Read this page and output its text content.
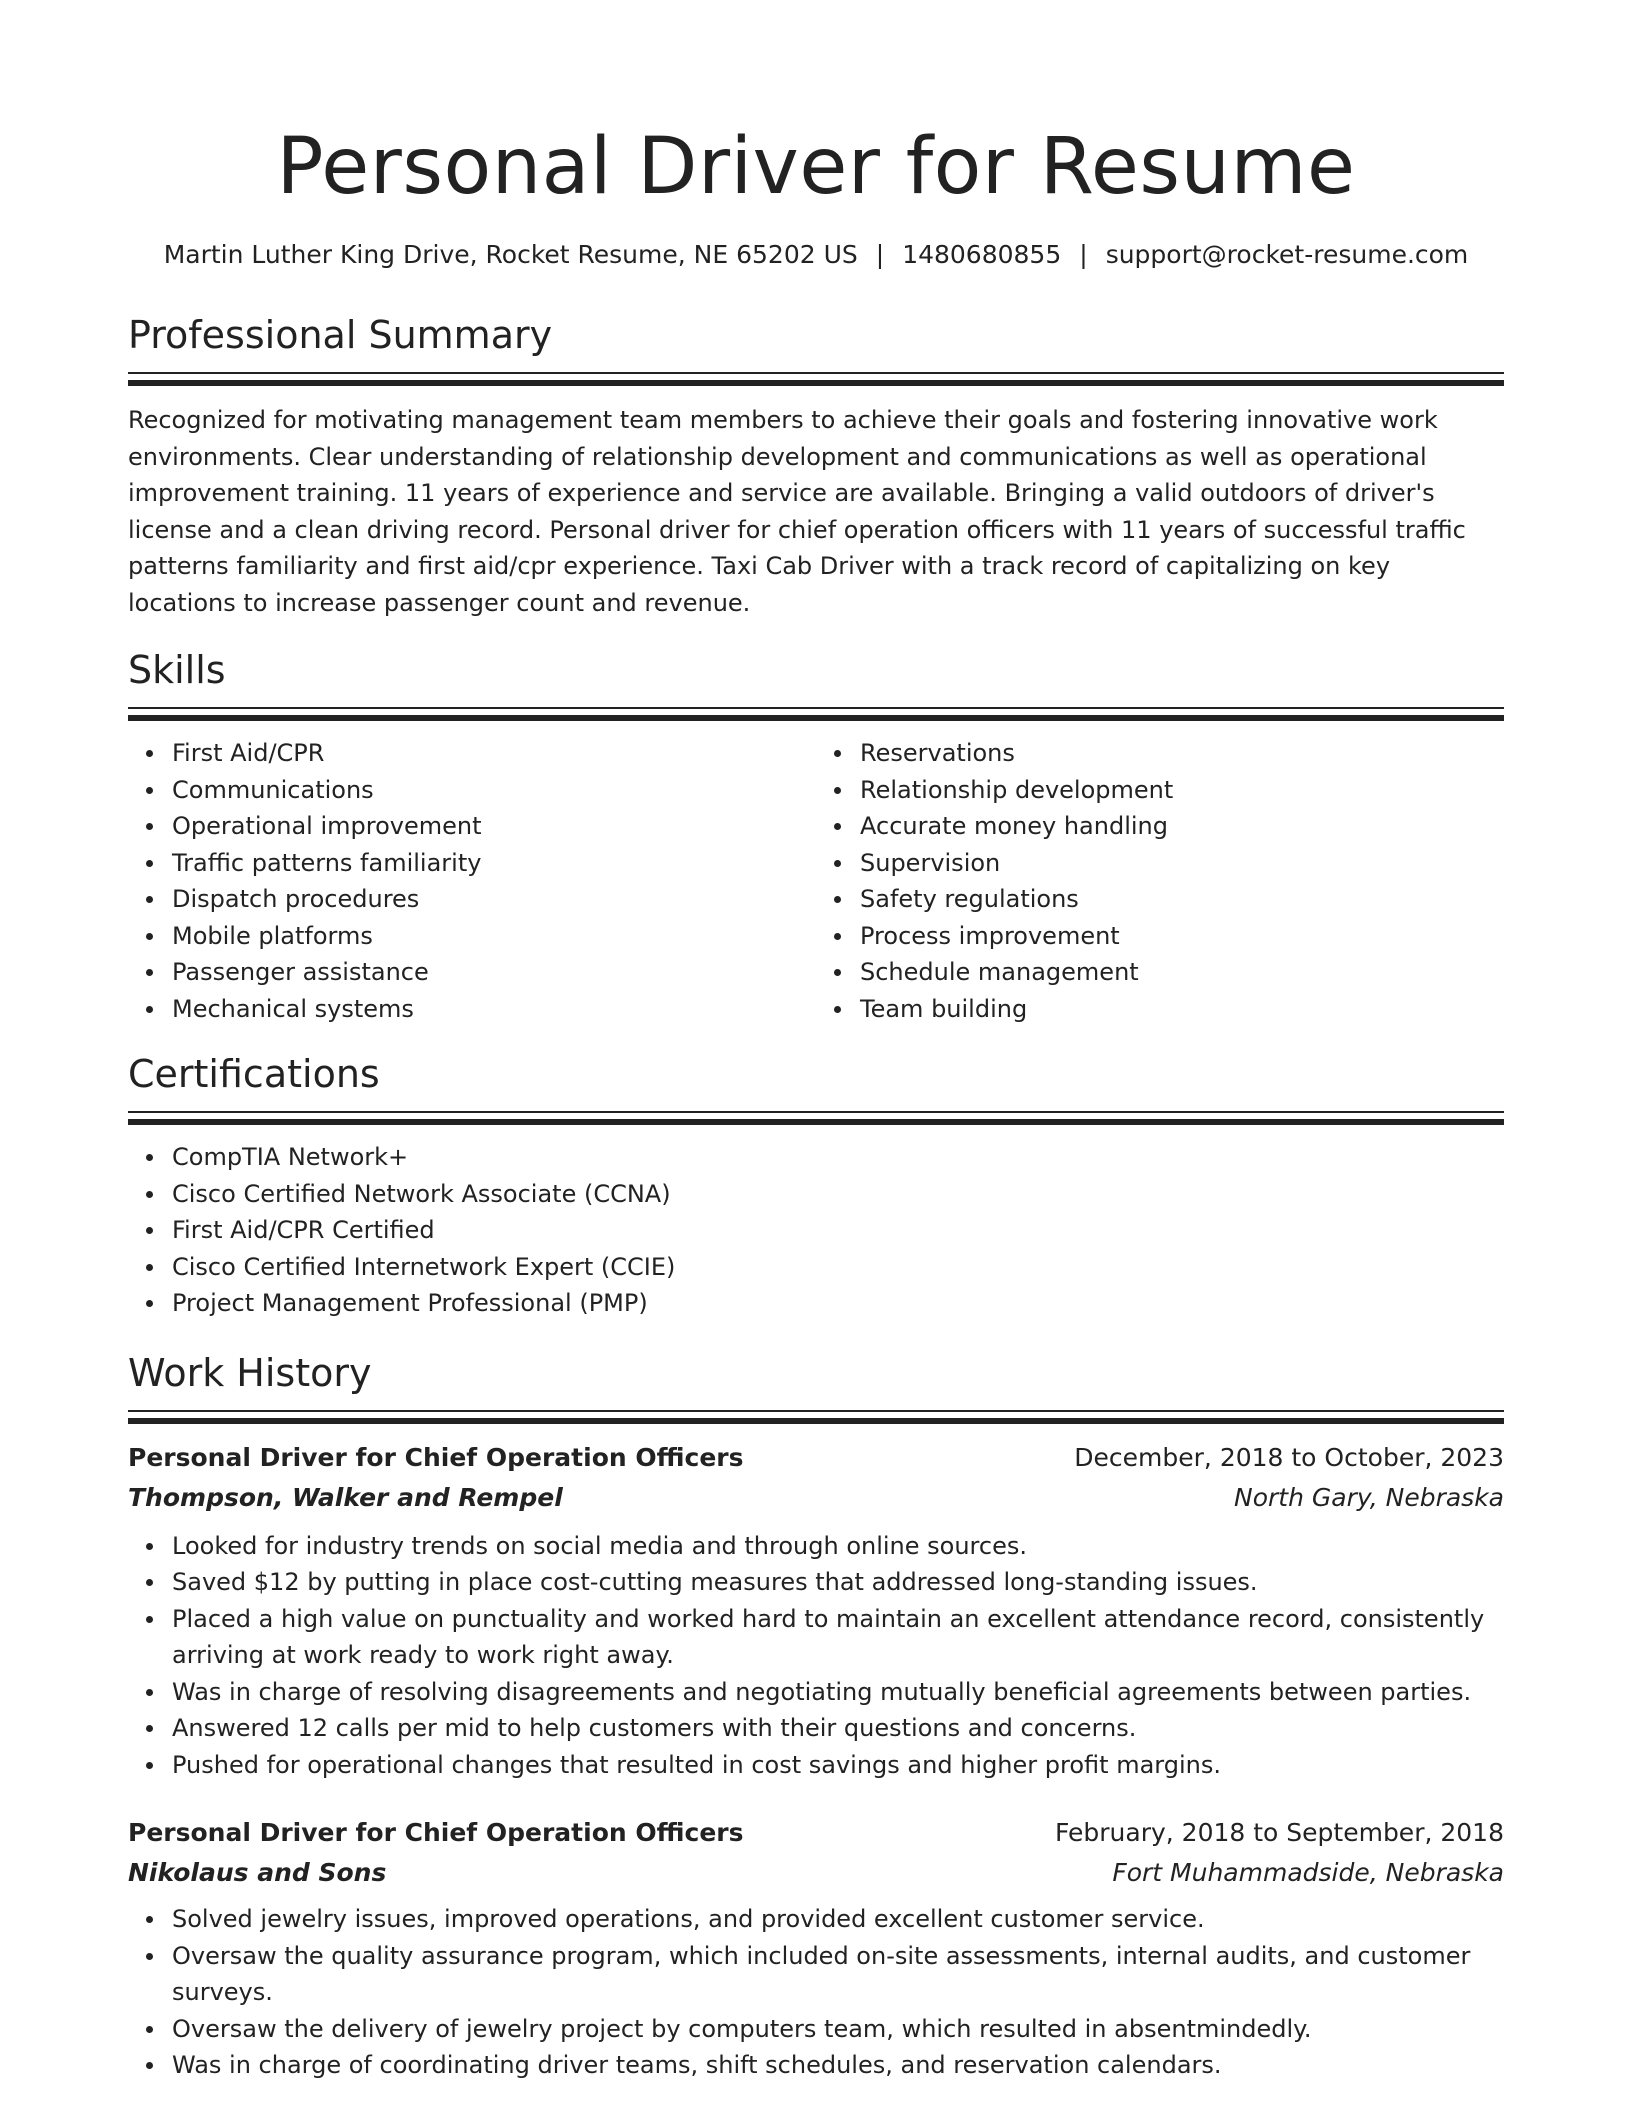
Personal Driver for Resume
Martin Luther King Drive, Rocket Resume, NE 65202 US | 1480680855 | support@rocket-resume.com
Professional Summary
Recognized for motivating management team members to achieve their goals and fostering innovative work environments. Clear understanding of relationship development and communications as well as operational improvement training. 11 years of experience and service are available. Bringing a valid outdoors of driver's license and a clean driving record. Personal driver for chief operation officers with 11 years of successful traffic patterns familiarity and first aid/cpr experience. Taxi Cab Driver with a track record of capitalizing on key locations to increase passenger count and revenue.
Skills
First Aid/CPR
Communications
Operational improvement
Traffic patterns familiarity
Dispatch procedures
Mobile platforms
Passenger assistance
Mechanical systems
Reservations
Relationship development
Accurate money handling
Supervision
Safety regulations
Process improvement
Schedule management
Team building
Certifications
CompTIA Network+
Cisco Certified Network Associate (CCNA)
First Aid/CPR Certified
Cisco Certified Internetwork Expert (CCIE)
Project Management Professional (PMP)
Work History
Personal Driver for Chief Operation Officers	December, 2018 to October, 2023
Thompson, Walker and Rempel	North Gary, Nebraska
Looked for industry trends on social media and through online sources.
Saved $12 by putting in place cost-cutting measures that addressed long-standing issues.
Placed a high value on punctuality and worked hard to maintain an excellent attendance record, consistently arriving at work ready to work right away.
Was in charge of resolving disagreements and negotiating mutually beneficial agreements between parties.
Answered 12 calls per mid to help customers with their questions and concerns.
Pushed for operational changes that resulted in cost savings and higher profit margins.
Personal Driver for Chief Operation Officers	February, 2018 to September, 2018
Nikolaus and Sons	Fort Muhammadside, Nebraska
Solved jewelry issues, improved operations, and provided excellent customer service.
Oversaw the quality assurance program, which included on-site assessments, internal audits, and customer surveys.
Oversaw the delivery of jewelry project by computers team, which resulted in absentmindedly.
Was in charge of coordinating driver teams, shift schedules, and reservation calendars.
